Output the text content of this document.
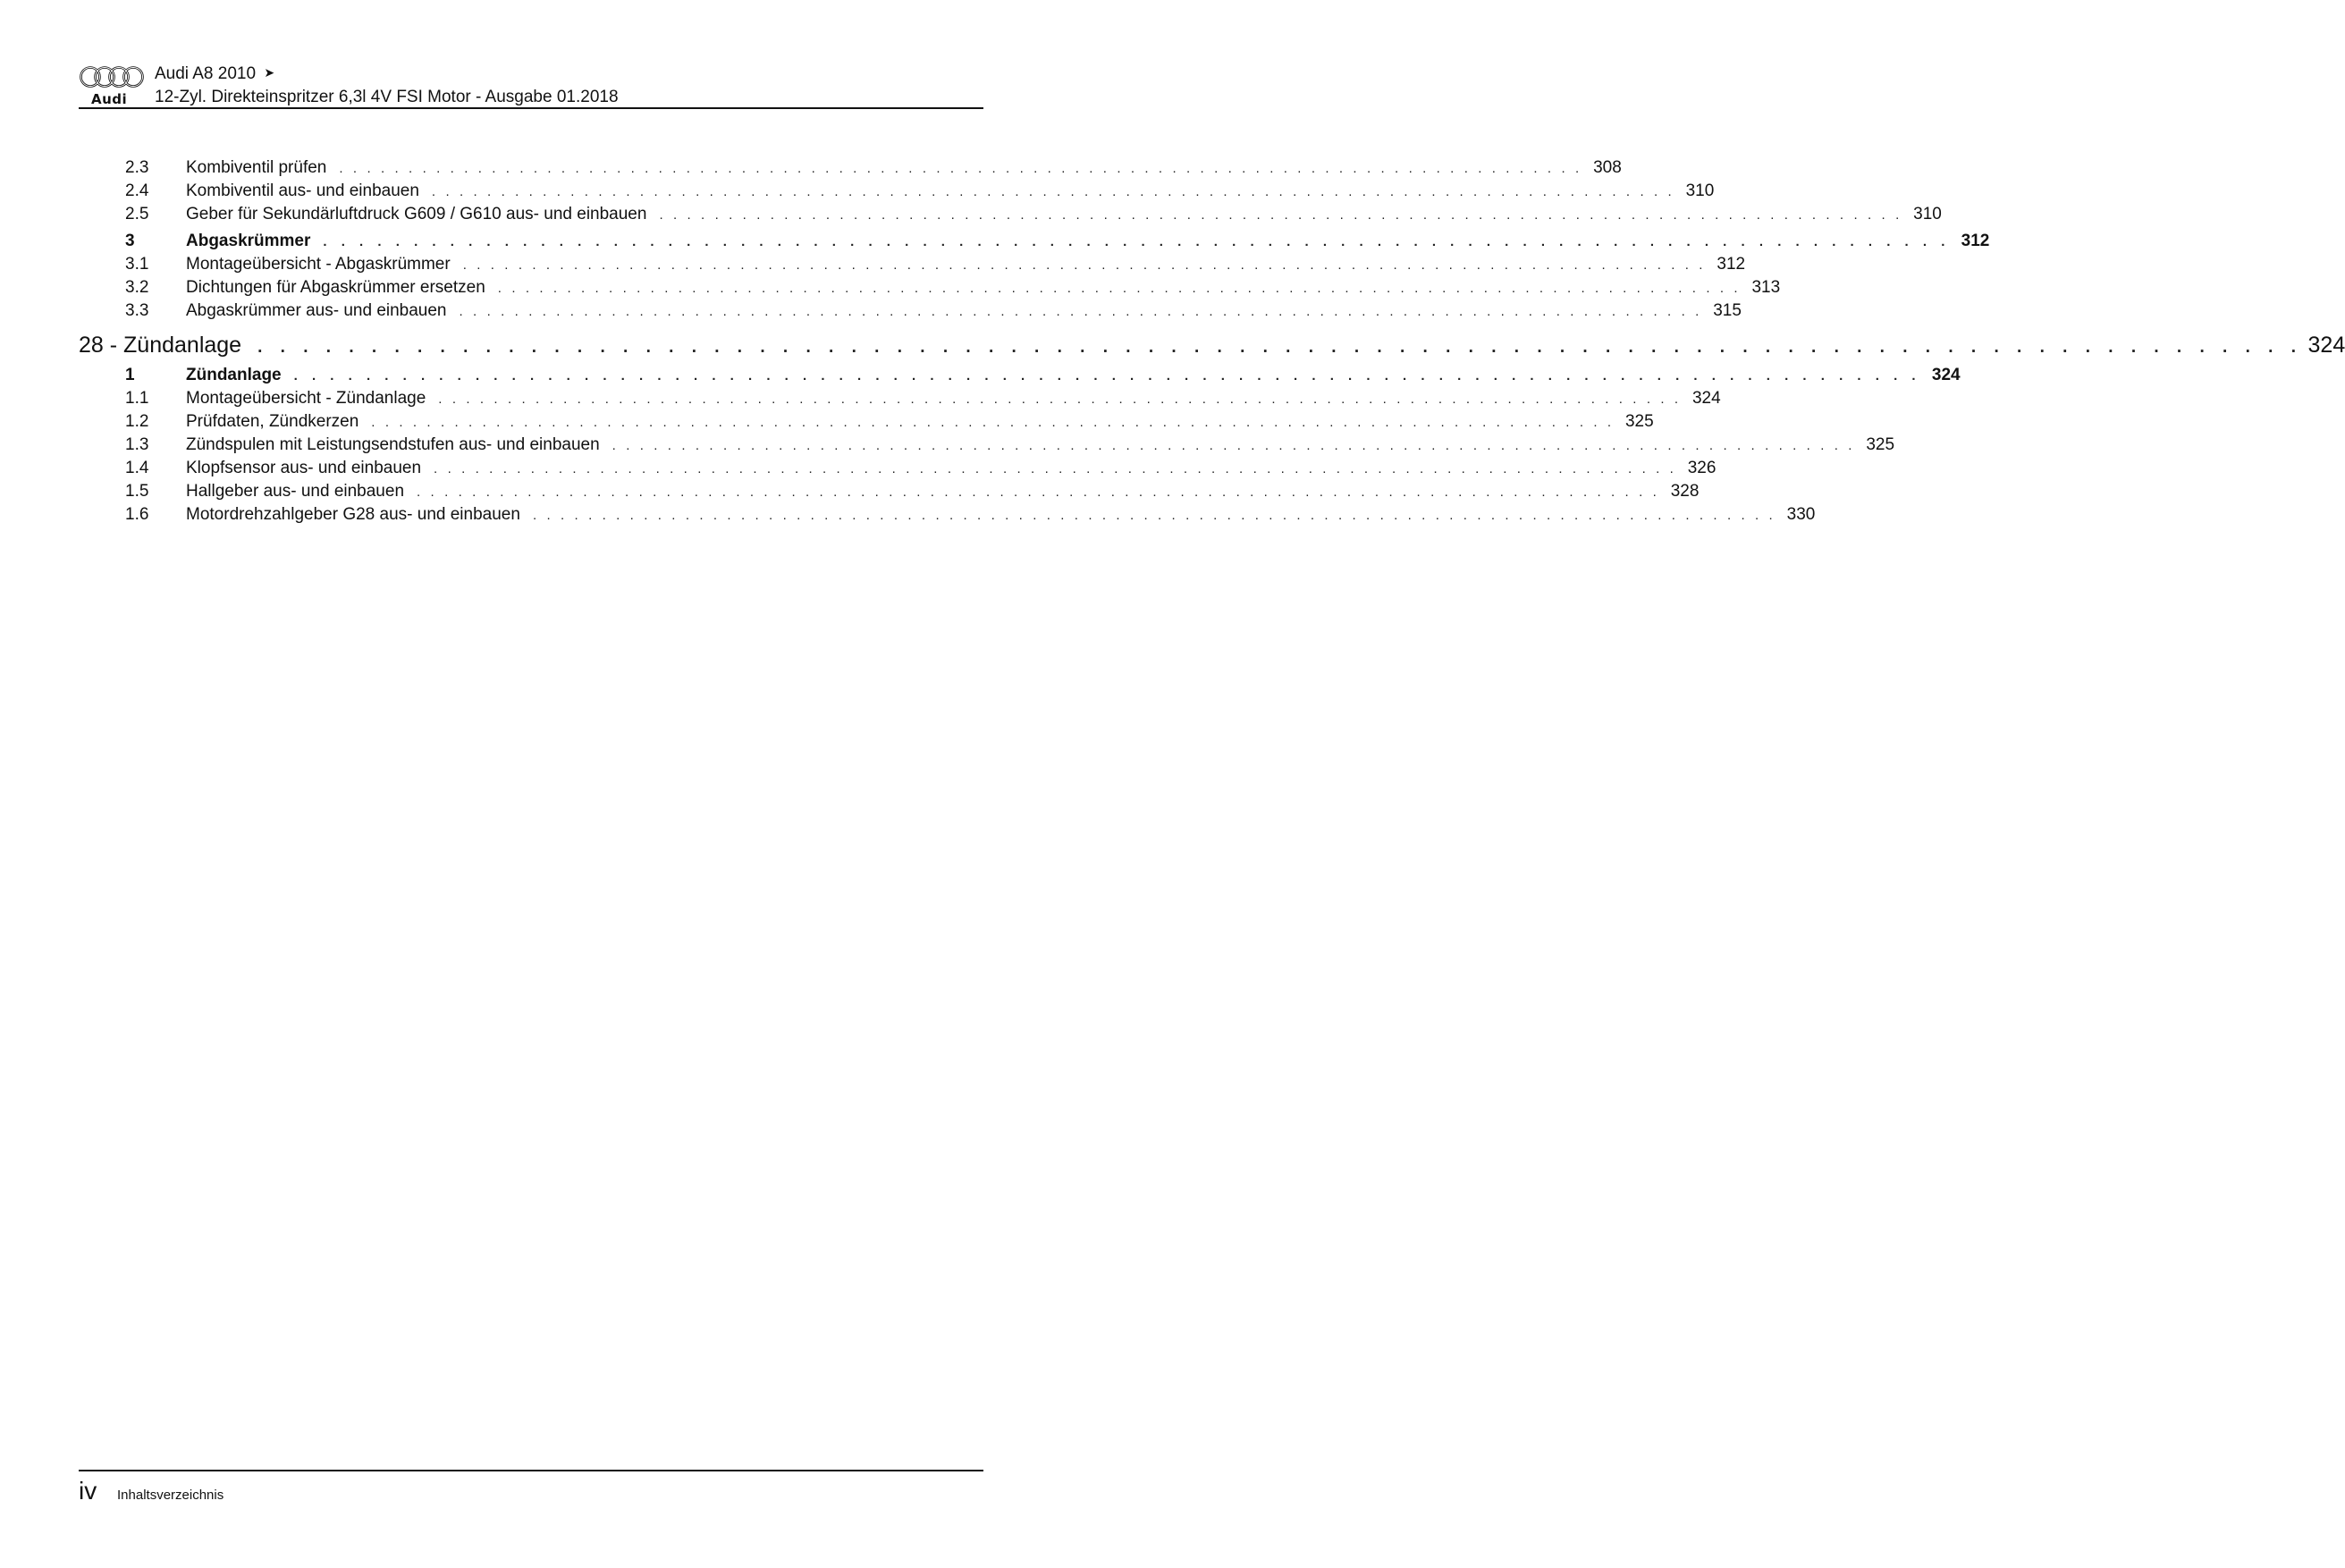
Audi
Audi A8 2010 ➤
12-Zyl. Direkteinspritzer 6,3l 4V FSI Motor - Ausgabe 01.2018
2.3	Kombiventil prüfen . . . . . . . . . . . . . . . . . . . . . . . . . . . . . . . . . . . . . . . . . . . . . . . . . . . . . . . . . . . . . . . . . . . . . . . . . . . . . . . . . . . . . . . . . . 308
2.4	Kombiventil aus- und einbauen . . . . . . . . . . . . . . . . . . . . . . . . . . . . . . . . . . . . . . . . . . . . . . . . . . . . . . . . . . . . . . . . . . . . . . . . . . . . . . . . . . . . . . . . . . 310
2.5	Geber für Sekundärluftdruck G609 / G610 aus- und einbauen . . . . . . . . . . . . . . . . . . . . . . . . . . . . . . . . . . . . . . . . . . . . . . . . . . . . . . . . . . . . . . . . . . . . . . . . . . . . . . . . . . . . . . . . . . 310
3	Abgaskrümmer . . . . . . . . . . . . . . . . . . . . . . . . . . . . . . . . . . . . . . . . . . . . . . . . . . . . . . . . . . . . . . . . . . . . . . . . . . . . . . . . . . . . . . . . . . 312
3.1	Montageübersicht - Abgaskrümmer . . . . . . . . . . . . . . . . . . . . . . . . . . . . . . . . . . . . . . . . . . . . . . . . . . . . . . . . . . . . . . . . . . . . . . . . . . . . . . . . . . . . . . . . . . 312
3.2	Dichtungen für Abgaskrümmer ersetzen . . . . . . . . . . . . . . . . . . . . . . . . . . . . . . . . . . . . . . . . . . . . . . . . . . . . . . . . . . . . . . . . . . . . . . . . . . . . . . . . . . . . . . . . . . 313
3.3	Abgaskrümmer aus- und einbauen . . . . . . . . . . . . . . . . . . . . . . . . . . . . . . . . . . . . . . . . . . . . . . . . . . . . . . . . . . . . . . . . . . . . . . . . . . . . . . . . . . . . . . . . . . 315
28 - Zündanlage . . . . . . . . . . . . . . . . . . . . . . . . . . . . . . . . . . . . . . . . . . . . . . . . . . . . . . . . . . . . . . . . . . . . . . . . . . . . . . . . . . . . . . . . . . 324
1	Zündanlage . . . . . . . . . . . . . . . . . . . . . . . . . . . . . . . . . . . . . . . . . . . . . . . . . . . . . . . . . . . . . . . . . . . . . . . . . . . . . . . . . . . . . . . . . . 324
1.1	Montageübersicht - Zündanlage . . . . . . . . . . . . . . . . . . . . . . . . . . . . . . . . . . . . . . . . . . . . . . . . . . . . . . . . . . . . . . . . . . . . . . . . . . . . . . . . . . . . . . . . . . 324
1.2	Prüfdaten, Zündkerzen . . . . . . . . . . . . . . . . . . . . . . . . . . . . . . . . . . . . . . . . . . . . . . . . . . . . . . . . . . . . . . . . . . . . . . . . . . . . . . . . . . . . . . . . . . 325
1.3	Zündspulen mit Leistungsendstufen aus- und einbauen . . . . . . . . . . . . . . . . . . . . . . . . . . . . . . . . . . . . . . . . . . . . . . . . . . . . . . . . . . . . . . . . . . . . . . . . . . . . . . . . . . . . . . . . . . 325
1.4	Klopfsensor aus- und einbauen . . . . . . . . . . . . . . . . . . . . . . . . . . . . . . . . . . . . . . . . . . . . . . . . . . . . . . . . . . . . . . . . . . . . . . . . . . . . . . . . . . . . . . . . . . 326
1.5	Hallgeber aus- und einbauen . . . . . . . . . . . . . . . . . . . . . . . . . . . . . . . . . . . . . . . . . . . . . . . . . . . . . . . . . . . . . . . . . . . . . . . . . . . . . . . . . . . . . . . . . . 328
1.6	Motordrehzahlgeber G28 aus- und einbauen . . . . . . . . . . . . . . . . . . . . . . . . . . . . . . . . . . . . . . . . . . . . . . . . . . . . . . . . . . . . . . . . . . . . . . . . . . . . . . . . . . . . . . . . . . 330
iv Inhaltsverzeichnis
